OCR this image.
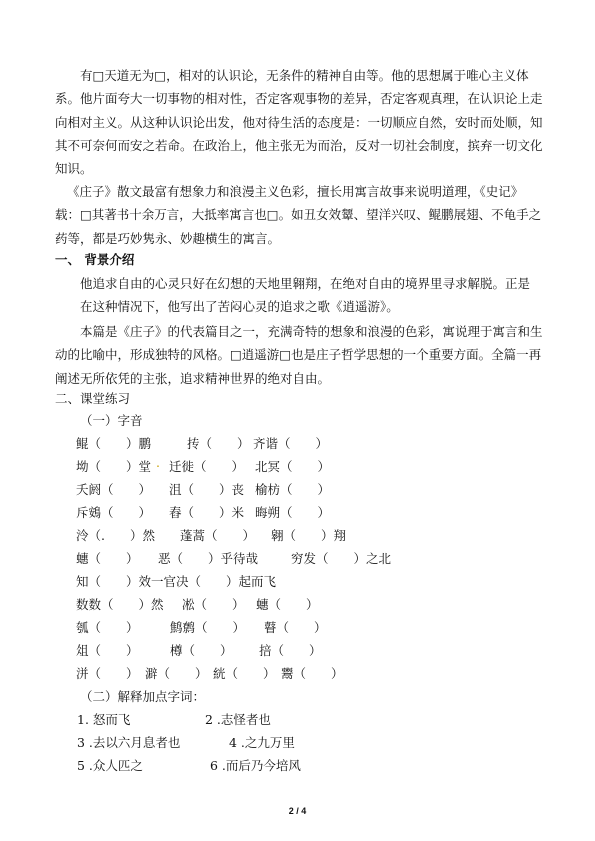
有□天道无为□，相对的认识论，无条件的精神自由等。他的思想属于唯心主义体系。他片面夸大一切事物的相对性，否定客观事物的差异，否定客观真理，在认识论上走向相对主义。从这种认识论出发，他对待生活的态度是：一切顺应自然，安时而处顺，知其不可奈何而安之若命。在政治上，他主张无为而治，反对一切社会制度，摈弃一切文化知识。

《庄子》散文最富有想象力和浪漫主义色彩，擅长用寓言故事来说明道理，《史记》载：□其著书十余万言，大抵率寓言也□。如丑女效颦、望洋兴叹、鲲鹏展翅、不龟手之药等，都是巧妙隽永、妙趣横生的寓言。

一、 背景介绍

他追求自由的心灵只好在幻想的天地里翱翔，在绝对自由的境界里寻求解脱。正是

在这种情况下，他写出了苦闷心灵的追求之歌《逍遥游》。

本篇是《庄子》的代表篇目之一，充满奇特的想象和浪漫的色彩，寓说理于寓言和生动的比喻中，形成独特的风格。□逍遥游□也是庄子哲学思想的一个重要方面。全篇一再阐述无所依凭的主张，追求精神世界的绝对自由。

二、课堂练习

（一）字音

鲲（　　）鹏	抟（　　） 齐谐（　　）
坳（　　）堂 . 迁徙（　　） 北冥（　　）
夭阏（　　） 沮（　　）丧 榆枋（　　）
斥鴳（　　） 舂（　　）米 晦朔（　　）
泠（.　　）然 蓬蒿（　　） 翱（　　）翔
蟪（　　） 恶（　　）乎待哉	穷发（　　）之北
知（　　）效一官 决（　　）起而飞
数数（　　）然 凇（　　） 蟪（　　）
瓠（　　）	鹪鹩（　　） 瞽（　　）
俎（　　）	樽（　　） 掊（　　）
洴（　　） 澼（　　） 絖（　　） 鬻（　　）

（二）解释加点字词：

1. 怒而飞	2 .志怪者也
3 .去以六月息者也	4 .之九万里
5 .众人匹之	6 .而后乃今培风
2 / 4
